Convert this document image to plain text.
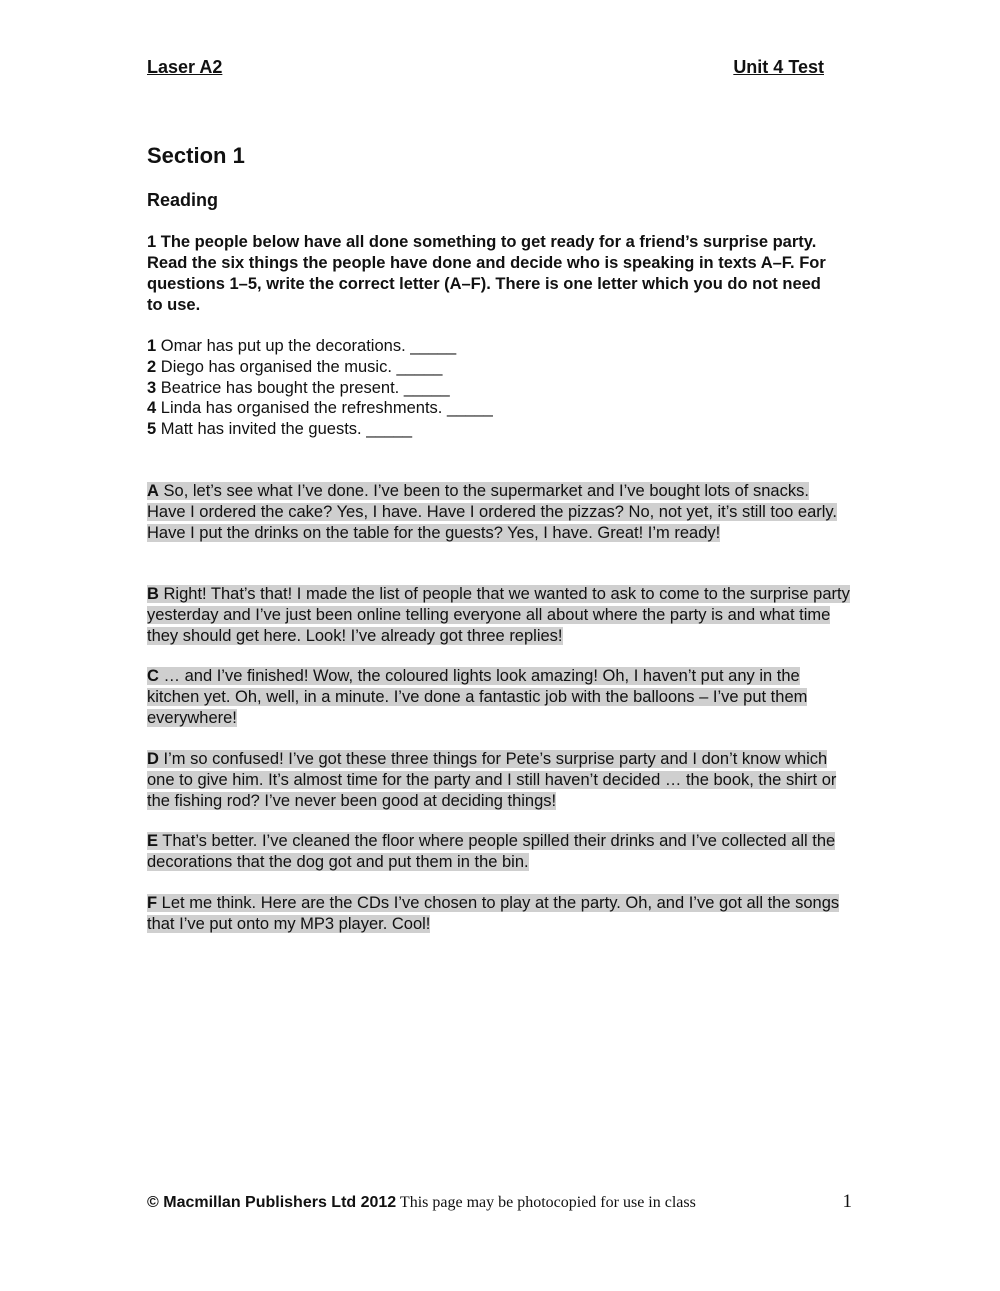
Laser A2	Unit 4 Test
Section 1
Reading

1 The people below have all done something to get ready for a friend’s surprise party. Read the six things the people have done and decide who is speaking in texts A–F. For questions 1–5, write the correct letter (A–F). There is one letter which you do not need to use.

1 Omar has put up the decorations. _____
2 Diego has organised the music. _____
3 Beatrice has bought the present. _____
4 Linda has organised the refreshments. _____
5 Matt has invited the guests. _____

A So, let’s see what I’ve done. I’ve been to the supermarket and I’ve bought lots of snacks. Have I ordered the cake? Yes, I have. Have I ordered the pizzas? No, not yet, it’s still too early. Have I put the drinks on the table for the guests? Yes, I have. Great! I’m ready!

B Right! That’s that! I made the list of people that we wanted to ask to come to the surprise party yesterday and I’ve just been online telling everyone all about where the party is and what time they should get here. Look! I’ve already got three replies!

C … and I’ve finished! Wow, the coloured lights look amazing! Oh, I haven’t put any in the kitchen yet. Oh, well, in a minute. I’ve done a fantastic job with the balloons – I’ve put them everywhere!

D I’m so confused! I’ve got these three things for Pete’s surprise party and I don’t know which one to give him. It’s almost time for the party and I still haven’t decided … the book, the shirt or the fishing rod? I’ve never been good at deciding things!

E That’s better. I’ve cleaned the floor where people spilled their drinks and I’ve collected all the decorations that the dog got and put them in the bin.

F Let me think. Here are the CDs I’ve chosen to play at the party. Oh, and I’ve got all the songs that I’ve put onto my MP3 player. Cool!

© Macmillan Publishers Ltd 2012 This page may be photocopied for use in class	1
